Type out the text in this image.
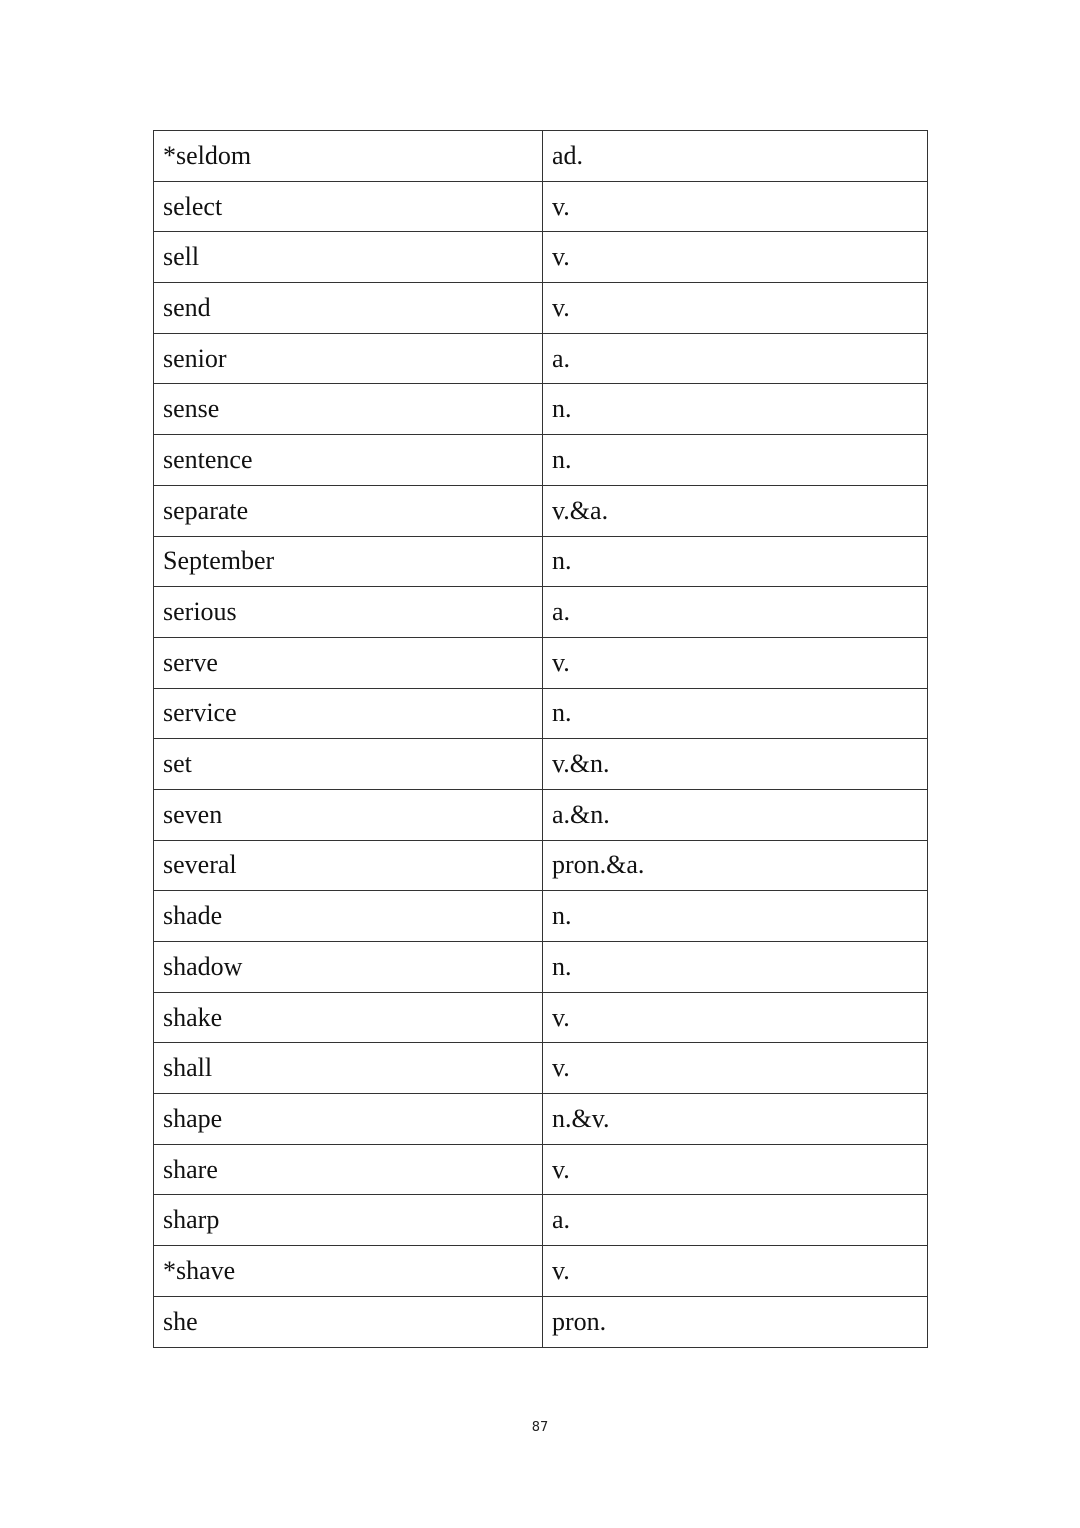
*seldom	ad.
select	v.
sell	v.
send	v.
senior	a.
sense	n.
sentence	n.
separate	v.&a.
September	n.
serious	a.
serve	v.
service	n.
set	v.&n.
seven	a.&n.
several	pron.&a.
shade	n.
shadow	n.
shake	v.
shall	v.
shape	n.&v.
share	v.
sharp	a.
*shave	v.
she	pron.
87
